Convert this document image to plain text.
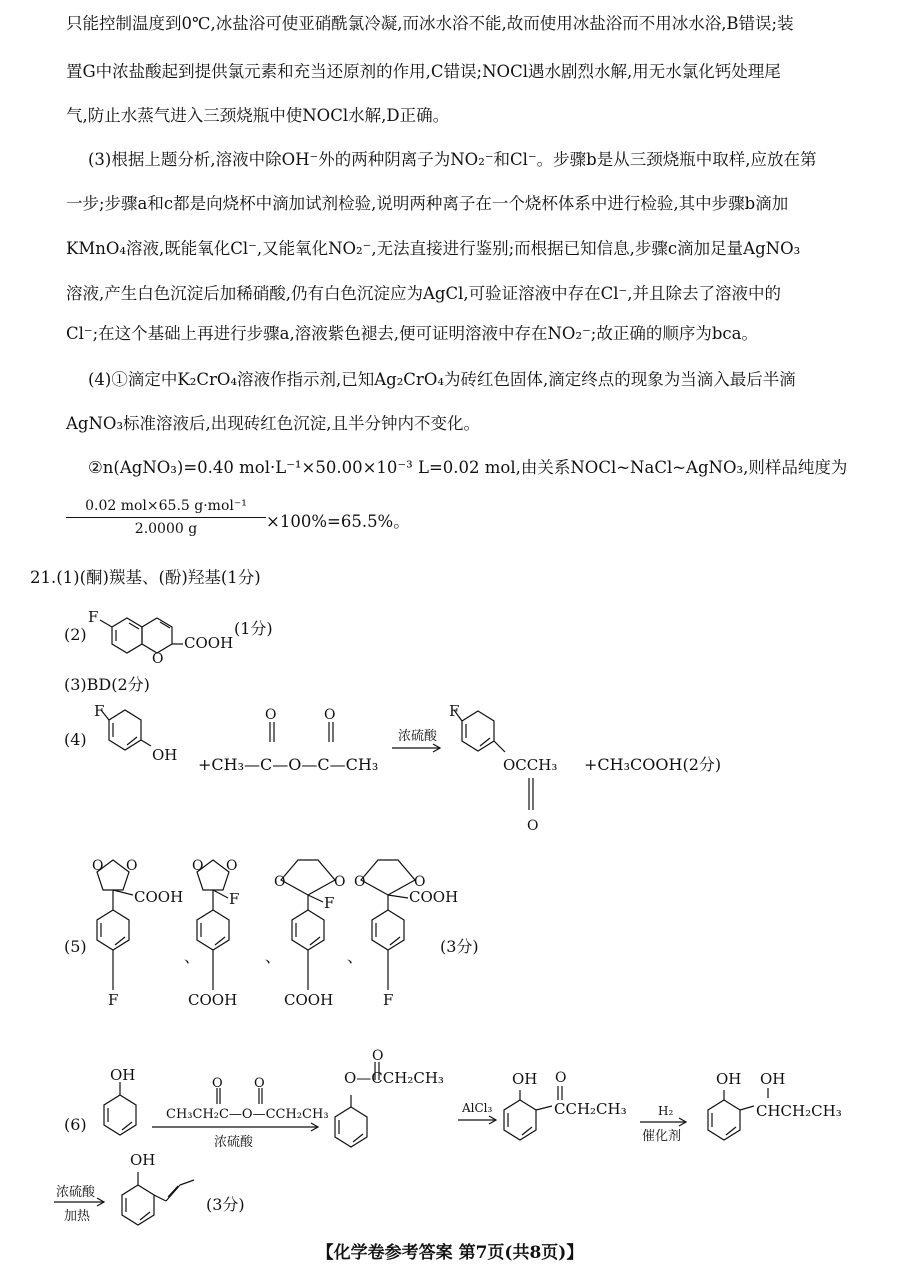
只能控制温度到0℃,冰盐浴可使亚硝酰氯冷凝,而冰水浴不能,故而使用冰盐浴而不用冰水浴,B错误;装
置G中浓盐酸起到提供氯元素和充当还原剂的作用,C错误;NOCl遇水剧烈水解,用无水氯化钙处理尾
气,防止水蒸气进入三颈烧瓶中使NOCl水解,D正确。
(3)根据上题分析,溶液中除OH⁻外的两种阴离子为NO₂⁻和Cl⁻。步骤b是从三颈烧瓶中取样,应放在第
一步;步骤a和c都是向烧杯中滴加试剂检验,说明两种离子在一个烧杯体系中进行检验,其中步骤b滴加
KMnO₄溶液,既能氧化Cl⁻,又能氧化NO₂⁻,无法直接进行鉴别;而根据已知信息,步骤c滴加足量AgNO₃
溶液,产生白色沉淀后加稀硝酸,仍有白色沉淀应为AgCl,可验证溶液中存在Cl⁻,并且除去了溶液中的
Cl⁻;在这个基础上再进行步骤a,溶液紫色褪去,便可证明溶液中存在NO₂⁻;故正确的顺序为bca。
(4)①滴定中K₂CrO₄溶液作指示剂,已知Ag₂CrO₄为砖红色固体,滴定终点的现象为当滴入最后半滴
AgNO₃标准溶液后,出现砖红色沉淀,且半分钟内不变化。
②n(AgNO₃)=0.40 mol·L⁻¹×50.00×10⁻³ L=0.02 mol,由关系NOCl~NaCl~AgNO₃,则样品纯度为
0.02 mol×65.5 g·mol⁻¹
2.0000 g	×100%=65.5%。
21.(1)(酮)羰基、(酚)羟基(1分)
F
O
COOH
(2)	(1分)
(3)BD(2分)
(4)
F
OH +CH₃—C—O—C—CH₃
O	O
浓硫酸
F
OCCH₃
O
+CH₃COOH(2分)
(5)
O O
COOH
F
、
O O
F
COOH
、
O	O
F
COOH
、
O	O
COOH
F
(3分)
(6)
OH
CH₃CH₂C—O—CCH₂CH₃
O O
浓硫酸
O—CCH₂CH₃
O
AlCl₃
OH O
CCH₂CH₃	H₂
催化剂
OH OH
CHCH₂CH₃
OH
浓硫酸
加热
(3分)
【化学卷参考答案 第7页(共8页)】
